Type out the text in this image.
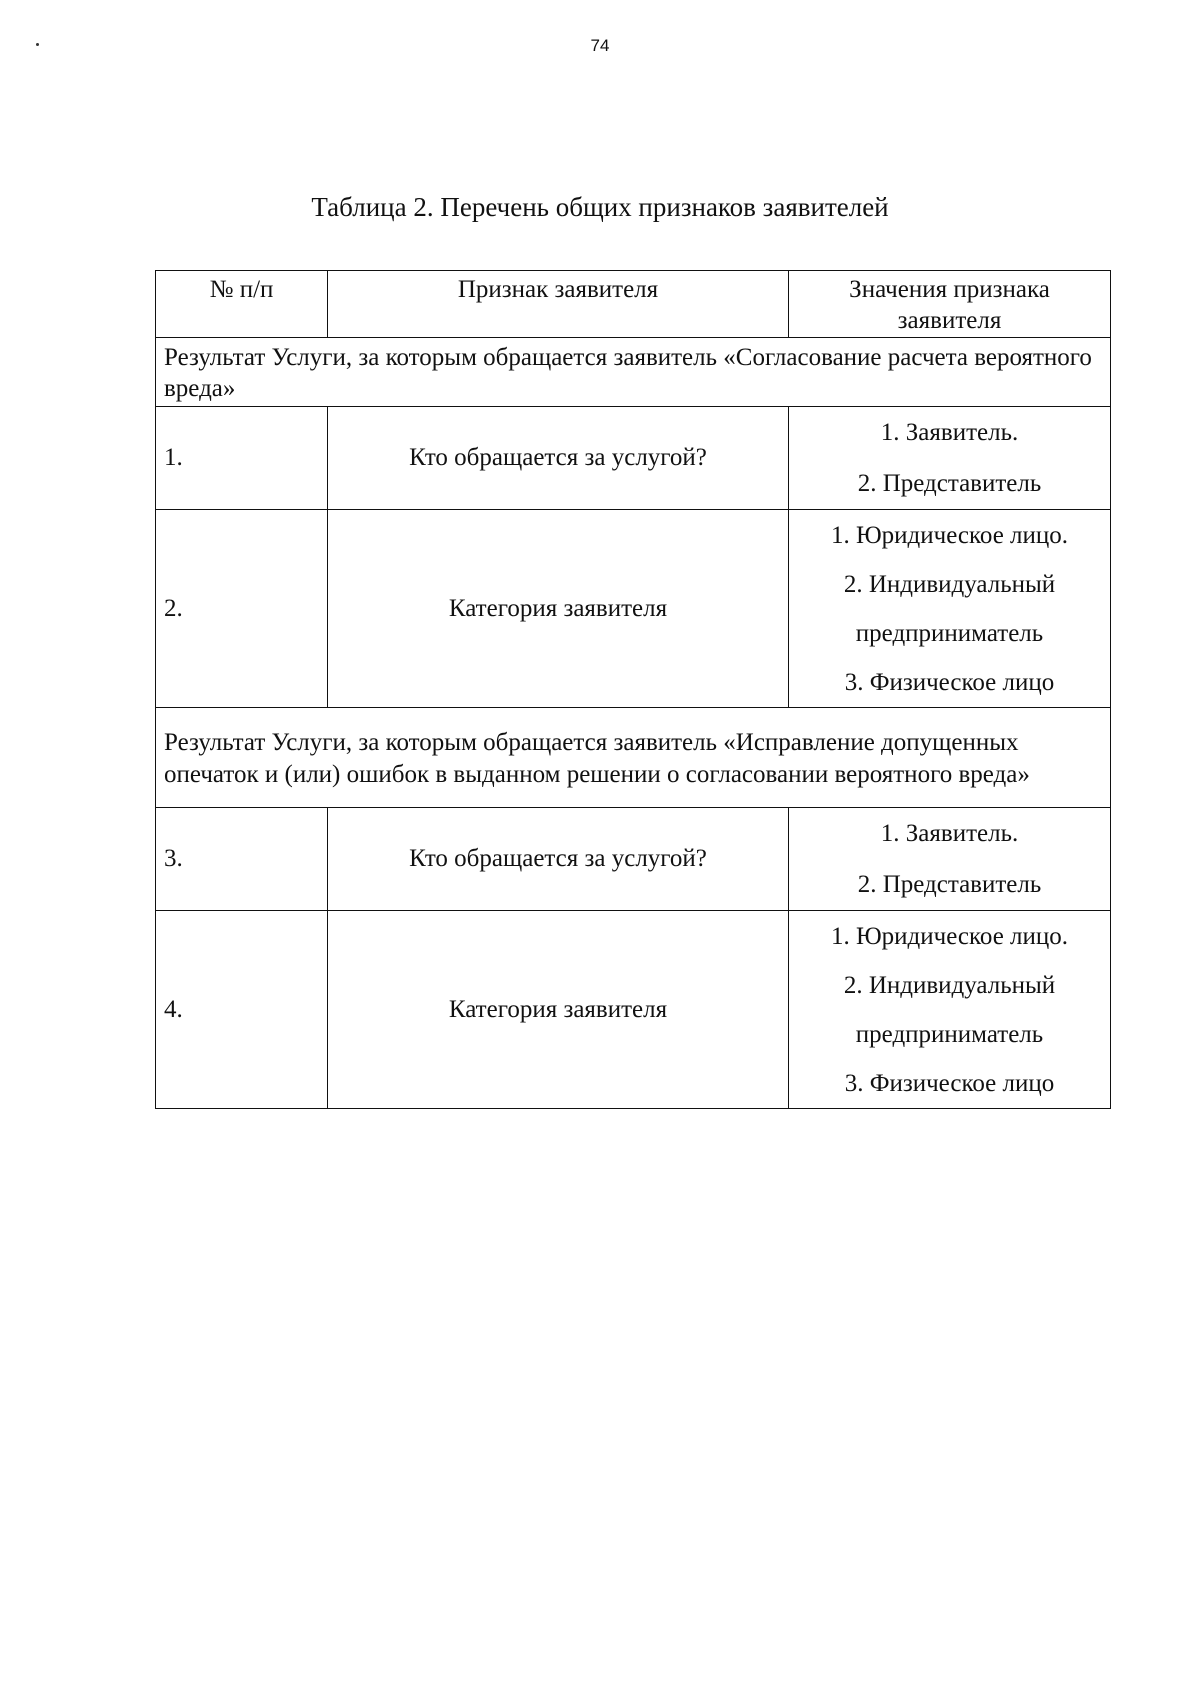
74
Таблица 2. Перечень общих признаков заявителей
№ п/п	Признак заявителя	Значения признака заявителя
Результат Услуги, за которым обращается заявитель «Согласование расчета вероятного вреда»		
1.	Кто обращается за услугой?	1. Заявитель.
2. Представитель

2.	Категория заявителя	1. Юридическое лицо.
2. Индивидуальный
предприниматель
3. Физическое лицо

Результат Услуги, за которым обращается заявитель «Исправление допущенных опечаток и (или) ошибок в выданном решении о согласовании вероятного вреда»		
3.	Кто обращается за услугой?	1. Заявитель.
2. Представитель

4.	Категория заявителя	1. Юридическое лицо.
2. Индивидуальный
предприниматель
3. Физическое лицо
